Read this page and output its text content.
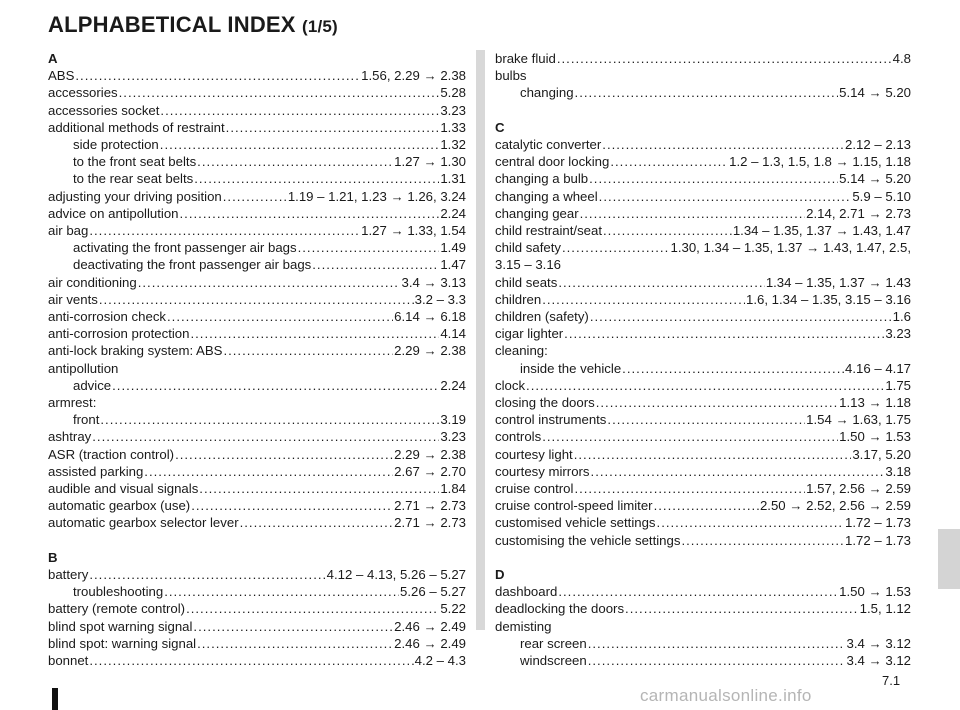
ALPHABETICAL INDEX (1/5)
A
ABS .....	1.56, 2.29 → 2.38
accessories .....	5.28
accessories socket .....	3.23
additional methods of restraint .....	1.33
side protection .....	1.32
to the front seat belts .....	1.27 → 1.30
to the rear seat belts .....	1.31
adjusting your driving position .....	1.19 – 1.21, 1.23 → 1.26, 3.24
advice on antipollution .....	2.24
air bag .....	1.27 → 1.33, 1.54
activating the front passenger air bags .....	1.49
deactivating the front passenger air bags .....	1.47
air conditioning .....	3.4 → 3.13
air vents .....	3.2 – 3.3
anti-corrosion check .....	6.14 → 6.18
anti-corrosion protection .....	4.14
anti-lock braking system: ABS .....	2.29 → 2.38
antipollution
advice .....	2.24
armrest:
front .....	3.19
ashtray .....	3.23
ASR (traction control) .....	2.29 → 2.38
assisted parking .....	2.67 → 2.70
audible and visual signals .....	1.84
automatic gearbox (use) .....	2.71 → 2.73
automatic gearbox selector lever .....	2.71 → 2.73
B
battery .....	4.12 – 4.13, 5.26 – 5.27
troubleshooting .....	5.26 – 5.27
battery (remote control) .....	5.22
blind spot warning signal .....	2.46 → 2.49
blind spot: warning signal .....	2.46 → 2.49
bonnet .....	4.2 – 4.3
brake fluid .....	4.8
bulbs
changing .....	5.14 → 5.20
C
catalytic converter .....	2.12 – 2.13
central door locking .....	1.2 – 1.3, 1.5, 1.8 → 1.15, 1.18
changing a bulb .....	5.14 → 5.20
changing a wheel .....	5.9 – 5.10
changing gear .....	2.14, 2.71 → 2.73
child restraint/seat .....	1.34 – 1.35, 1.37 → 1.43, 1.47
child safety .....	1.30, 1.34 – 1.35, 1.37 → 1.43, 1.47, 2.5,
3.15 – 3.16
child seats .....	1.34 – 1.35, 1.37 → 1.43
children .....	1.6, 1.34 – 1.35, 3.15 – 3.16
children (safety) .....	1.6
cigar lighter .....	3.23
cleaning:
inside the vehicle .....	4.16 – 4.17
clock .....	1.75
closing the doors .....	1.13 → 1.18
control instruments .....	1.54 → 1.63, 1.75
controls .....	1.50 → 1.53
courtesy light .....	3.17, 5.20
courtesy mirrors .....	3.18
cruise control .....	1.57, 2.56 → 2.59
cruise control-speed limiter .....	2.50 → 2.52, 2.56 → 2.59
customised vehicle settings .....	1.72 – 1.73
customising the vehicle settings .....	1.72 – 1.73
D
dashboard .....	1.50 → 1.53
deadlocking the doors .....	1.5, 1.12
demisting
rear screen .....	3.4 → 3.12
windscreen .....	3.4 → 3.12
7.1
carmanualsonline.info
